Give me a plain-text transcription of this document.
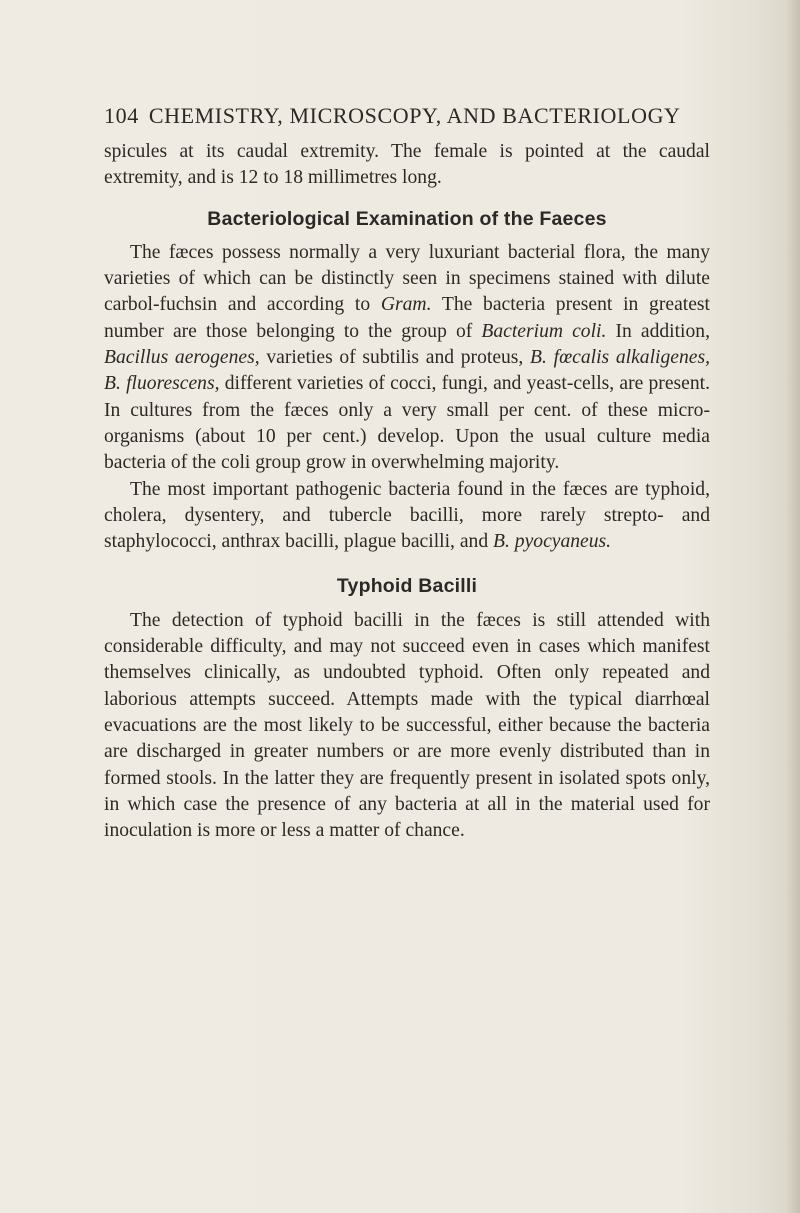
104 CHEMISTRY, MICROSCOPY, AND BACTERIOLOGY

spicules at its caudal extremity. The female is pointed at the caudal extremity, and is 12 to 18 millimetres long.

Bacteriological Examination of the Faeces

The fæces possess normally a very luxuriant bacterial flora, the many varieties of which can be distinctly seen in specimens stained with dilute carbol-fuchsin and according to Gram. The bacteria present in greatest number are those belonging to the group of Bacterium coli. In addition, Bacillus aerogenes, varieties of subtilis and proteus, B. fœcalis alkaligenes, B. fluorescens, different varieties of cocci, fungi, and yeast-cells, are present. In cultures from the fæces only a very small per cent. of these micro-organisms (about 10 per cent.) develop. Upon the usual culture media bacteria of the coli group grow in overwhelming majority.

The most important pathogenic bacteria found in the fæces are typhoid, cholera, dysentery, and tubercle bacilli, more rarely strepto- and staphylococci, anthrax bacilli, plague bacilli, and B. pyocyaneus.

Typhoid Bacilli

The detection of typhoid bacilli in the fæces is still attended with considerable difficulty, and may not succeed even in cases which manifest themselves clinically, as undoubted typhoid. Often only repeated and laborious attempts succeed. Attempts made with the typical diarrhœal evacuations are the most likely to be successful, either because the bacteria are discharged in greater numbers or are more evenly distributed than in formed stools. In the latter they are frequently present in isolated spots only, in which case the presence of any bacteria at all in the material used for inoculation is more or less a matter of chance.
